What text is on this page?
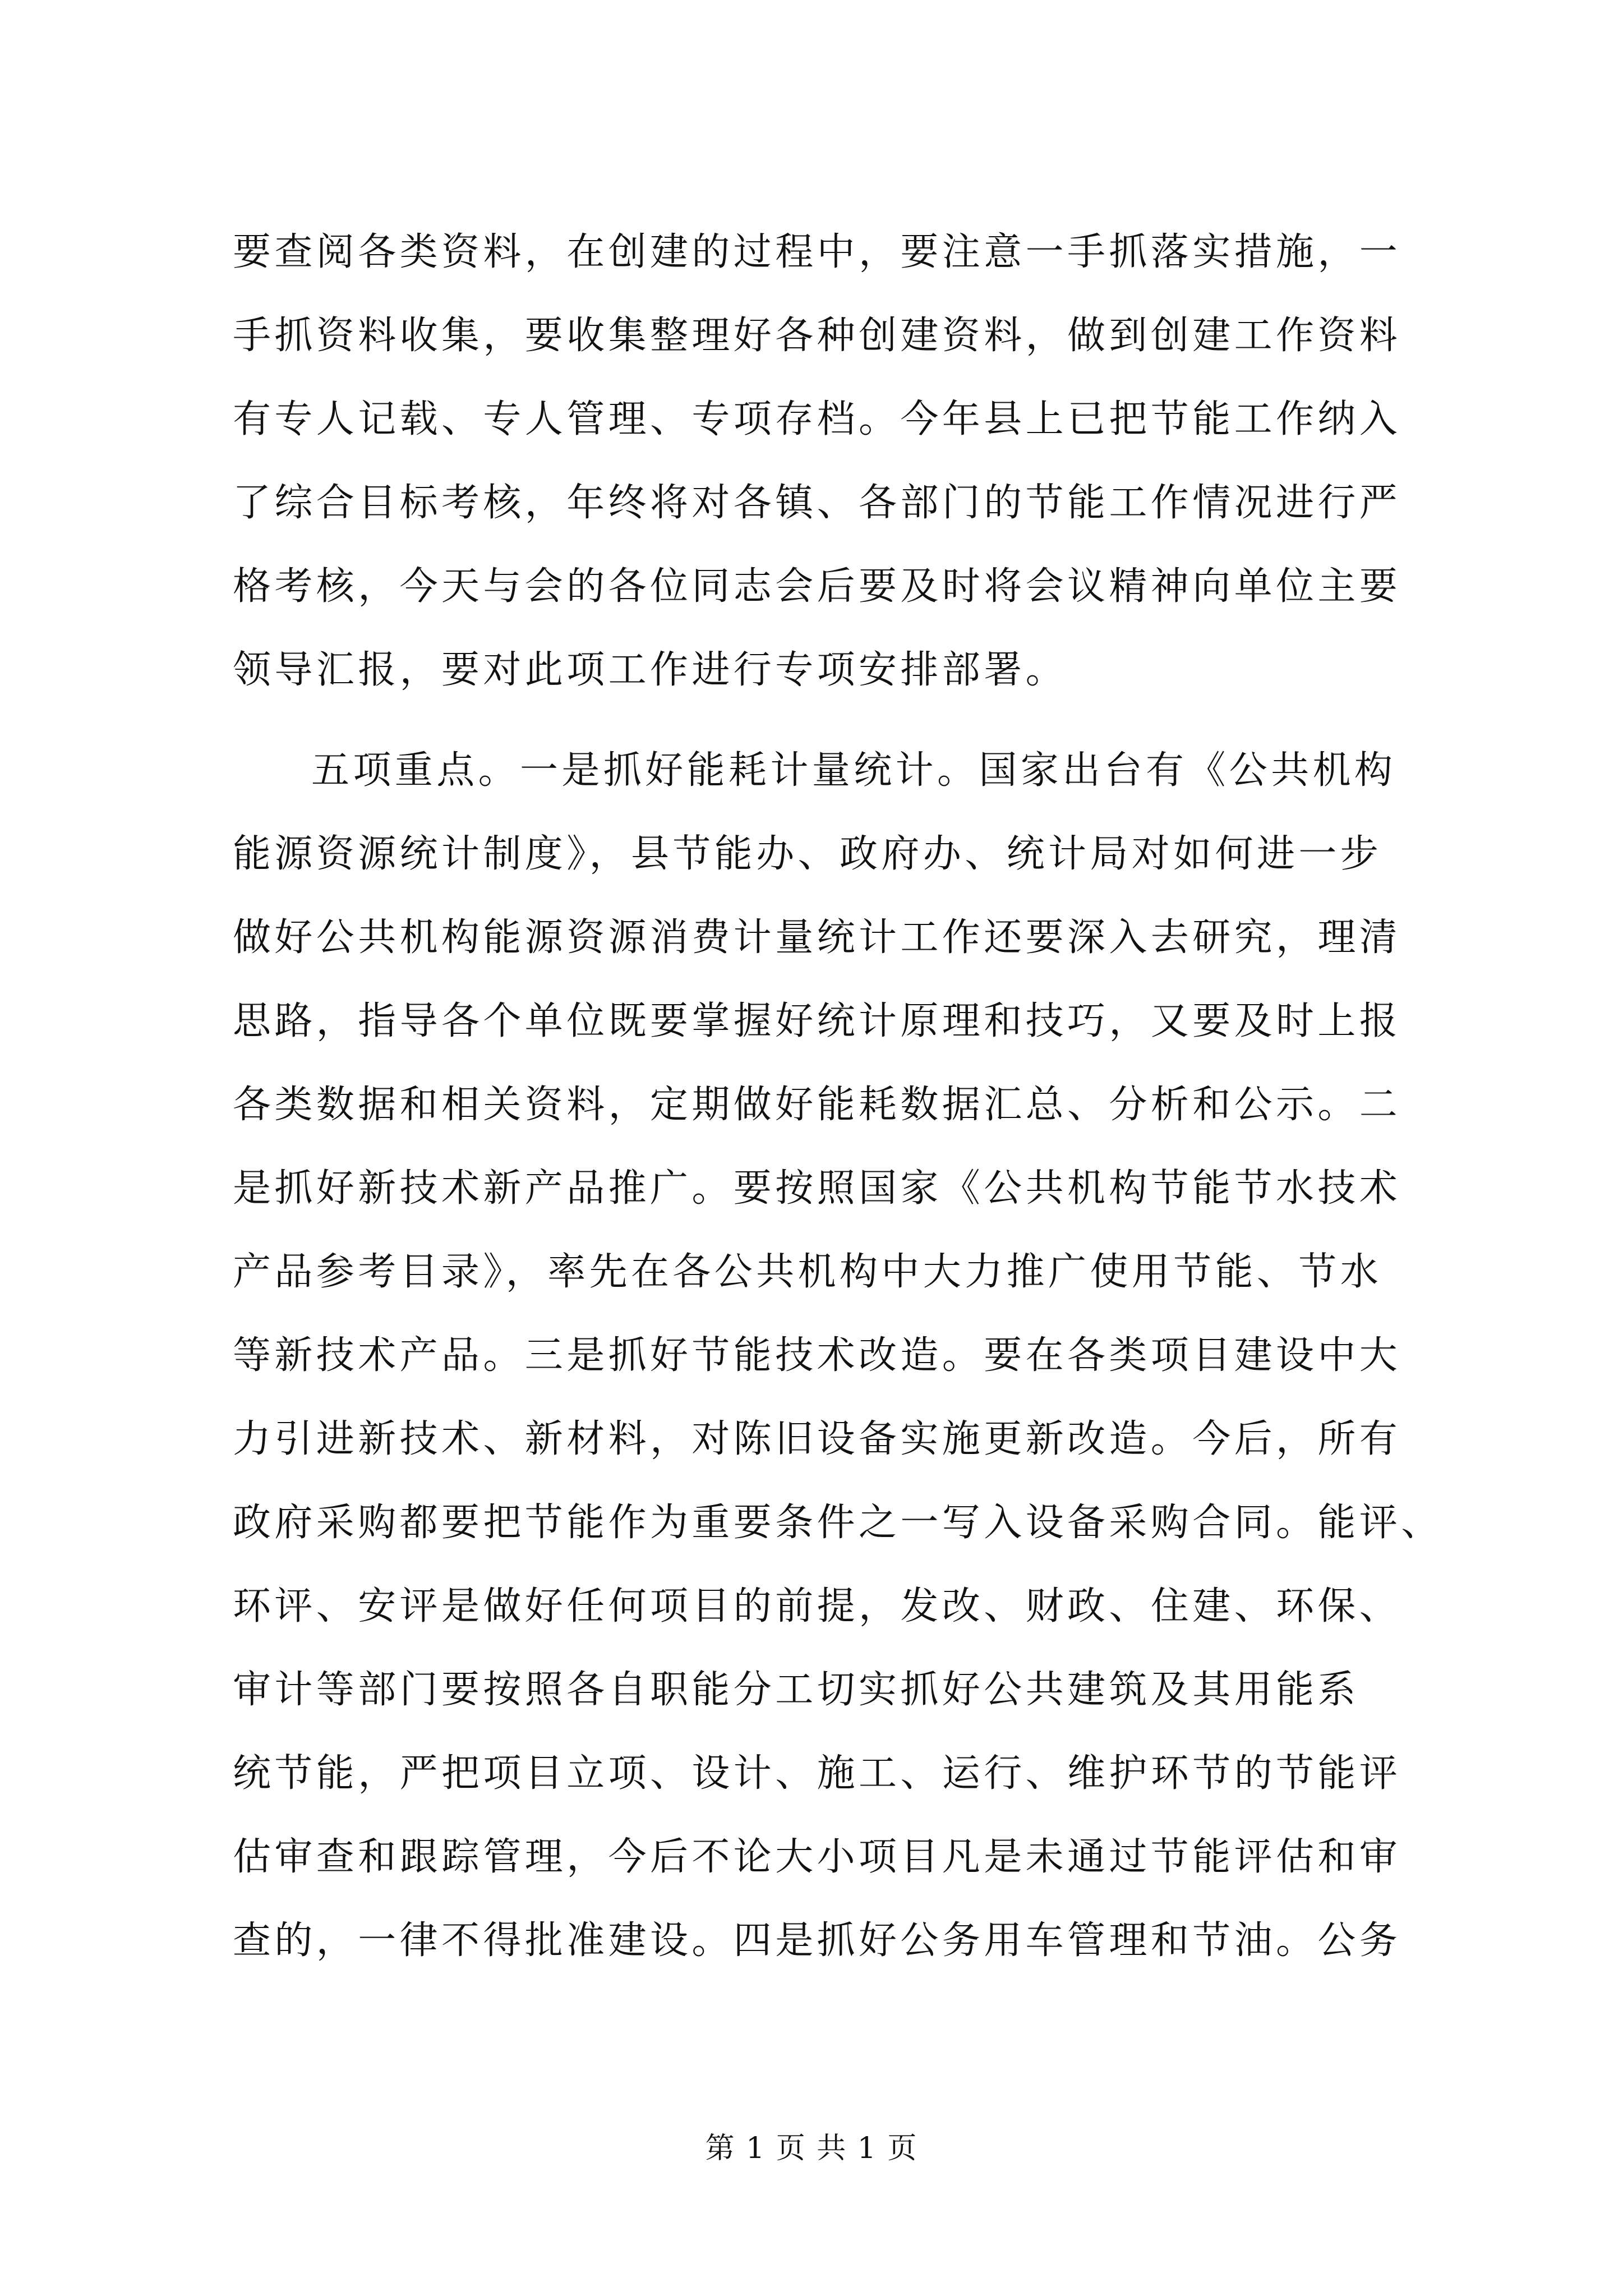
要查阅各类资料，在创建的过程中，要注意一手抓落实措施，一
手抓资料收集，要收集整理好各种创建资料，做到创建工作资料
有专人记载、专人管理、专项存档。今年县上已把节能工作纳入
了综合目标考核，年终将对各镇、各部门的节能工作情况进行严
格考核，今天与会的各位同志会后要及时将会议精神向单位主要
领导汇报，要对此项工作进行专项安排部署。
五项重点。一是抓好能耗计量统计。国家出台有《公共机构
能源资源统计制度》，县节能办、政府办、统计局对如何进一步
做好公共机构能源资源消费计量统计工作还要深入去研究，理清
思路，指导各个单位既要掌握好统计原理和技巧，又要及时上报
各类数据和相关资料，定期做好能耗数据汇总、分析和公示。二
是抓好新技术新产品推广。要按照国家《公共机构节能节水技术
产品参考目录》，率先在各公共机构中大力推广使用节能、节水
等新技术产品。三是抓好节能技术改造。要在各类项目建设中大
力引进新技术、新材料，对陈旧设备实施更新改造。今后，所有
政府采购都要把节能作为重要条件之一写入设备采购合同。能评、
环评、安评是做好任何项目的前提，发改、财政、住建、环保、
审计等部门要按照各自职能分工切实抓好公共建筑及其用能系
统节能，严把项目立项、设计、施工、运行、维护环节的节能评
估审查和跟踪管理，今后不论大小项目凡是未通过节能评估和审
查的，一律不得批准建设。四是抓好公务用车管理和节油。公务
第 1 页 共 1 页
